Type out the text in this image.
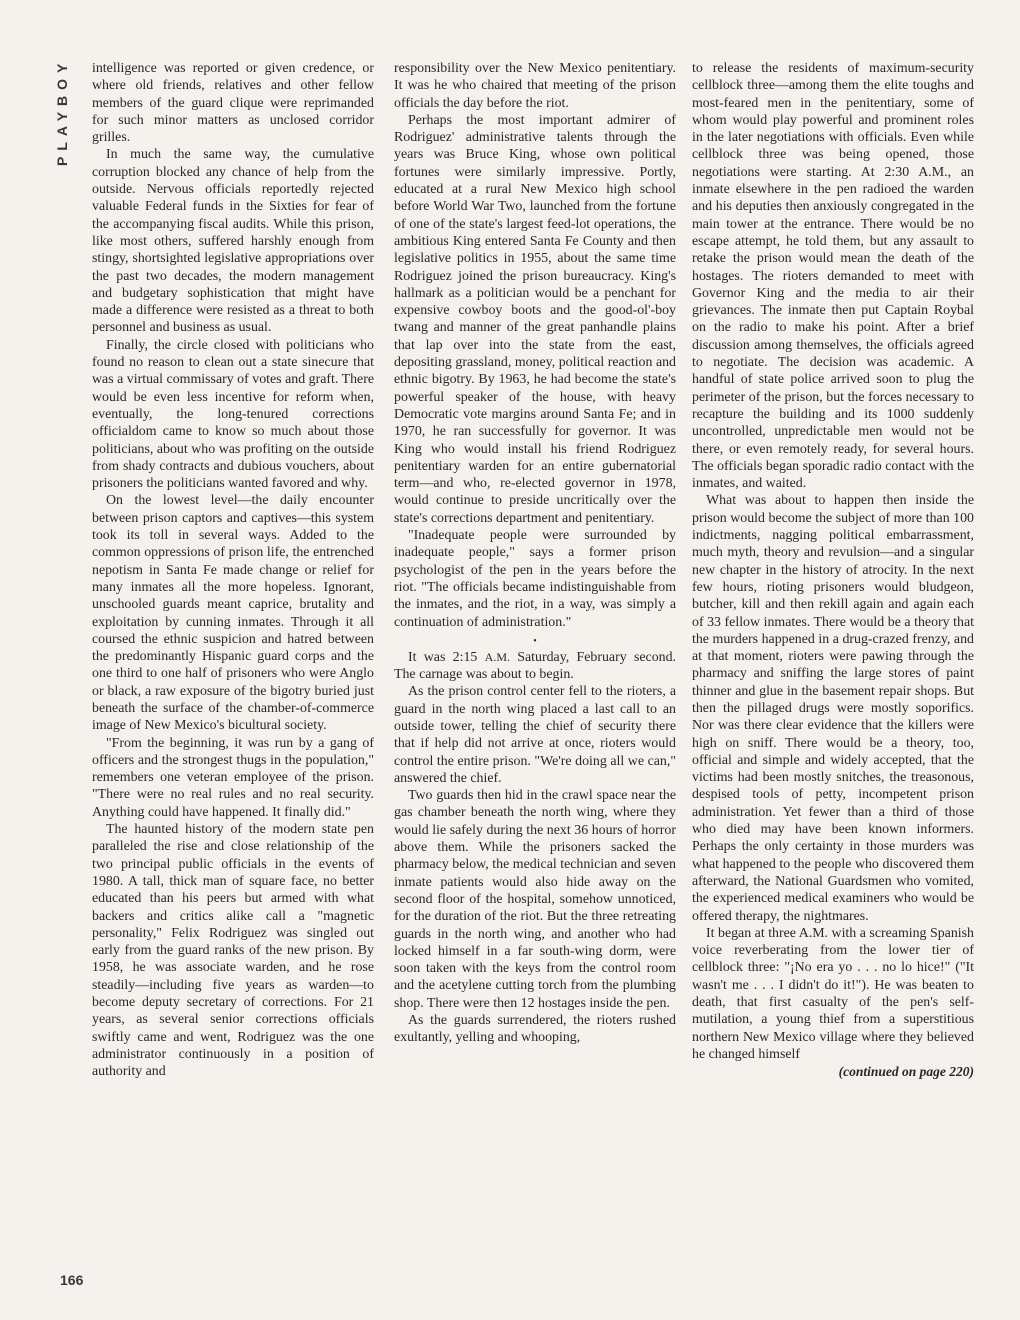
PLAYBOY
166

intelligence was reported or given credence, or where old friends, relatives and other fellow members of the guard clique were reprimanded for such minor matters as unclosed corridor grilles.

In much the same way, the cumulative corruption blocked any chance of help from the outside. Nervous officials reportedly rejected valuable Federal funds in the Sixties for fear of the accompanying fiscal audits. While this prison, like most others, suffered harshly enough from stingy, shortsighted legislative appropriations over the past two decades, the modern management and budgetary sophistication that might have made a difference were resisted as a threat to both personnel and business as usual.

Finally, the circle closed with politicians who found no reason to clean out a state sinecure that was a virtual commissary of votes and graft. There would be even less incentive for reform when, eventually, the long-tenured corrections officialdom came to know so much about those politicians, about who was profiting on the outside from shady contracts and dubious vouchers, about prisoners the politicians wanted favored and why.

On the lowest level—the daily encounter between prison captors and captives—this system took its toll in several ways. Added to the common oppressions of prison life, the entrenched nepotism in Santa Fe made change or relief for many inmates all the more hopeless. Ignorant, unschooled guards meant caprice, brutality and exploitation by cunning inmates. Through it all coursed the ethnic suspicion and hatred between the predominantly Hispanic guard corps and the one third to one half of prisoners who were Anglo or black, a raw exposure of the bigotry buried just beneath the surface of the chamber-of-commerce image of New Mexico's bicultural society.

"From the beginning, it was run by a gang of officers and the strongest thugs in the population," remembers one veteran employee of the prison. "There were no real rules and no real security. Anything could have happened. It finally did."

The haunted history of the modern state pen paralleled the rise and close relationship of the two principal public officials in the events of 1980. A tall, thick man of square face, no better educated than his peers but armed with what backers and critics alike call a "magnetic personality," Felix Rodriguez was singled out early from the guard ranks of the new prison. By 1958, he was associate warden, and he rose steadily—including five years as warden—to become deputy secretary of corrections. For 21 years, as several senior corrections officials swiftly came and went, Rodriguez was the one administrator continuously in a position of authority and

responsibility over the New Mexico penitentiary. It was he who chaired that meeting of the prison officials the day before the riot.

Perhaps the most important admirer of Rodriguez' administrative talents through the years was Bruce King, whose own political fortunes were similarly impressive. Portly, educated at a rural New Mexico high school before World War Two, launched from the fortune of one of the state's largest feed-lot operations, the ambitious King entered Santa Fe County and then legislative politics in 1955, about the same time Rodriguez joined the prison bureaucracy. King's hallmark as a politician would be a penchant for expensive cowboy boots and the good-ol'-boy twang and manner of the great panhandle plains that lap over into the state from the east, depositing grassland, money, political reaction and ethnic bigotry. By 1963, he had become the state's powerful speaker of the house, with heavy Democratic vote margins around Santa Fe; and in 1970, he ran successfully for governor. It was King who would install his friend Rodriguez penitentiary warden for an entire gubernatorial term—and who, re-elected governor in 1978, would continue to preside uncritically over the state's corrections department and penitentiary.

"Inadequate people were surrounded by inadequate people," says a former prison psychologist of the pen in the years before the riot. "The officials became indistinguishable from the inmates, and the riot, in a way, was simply a continuation of administration."

•

It was 2:15 A.M. Saturday, February second. The carnage was about to begin.

As the prison control center fell to the rioters, a guard in the north wing placed a last call to an outside tower, telling the chief of security there that if help did not arrive at once, rioters would control the entire prison. "We're doing all we can," answered the chief.

Two guards then hid in the crawl space near the gas chamber beneath the north wing, where they would lie safely during the next 36 hours of horror above them. While the prisoners sacked the pharmacy below, the medical technician and seven inmate patients would also hide away on the second floor of the hospital, somehow unnoticed, for the duration of the riot. But the three retreating guards in the north wing, and another who had locked himself in a far south-wing dorm, were soon taken with the keys from the control room and the acetylene cutting torch from the plumbing shop. There were then 12 hostages inside the pen.

As the guards surrendered, the rioters rushed exultantly, yelling and whooping,

to release the residents of maximum-security cellblock three—among them the elite toughs and most-feared men in the penitentiary, some of whom would play powerful and prominent roles in the later negotiations with officials. Even while cellblock three was being opened, those negotiations were starting. At 2:30 A.M., an inmate elsewhere in the pen radioed the warden and his deputies then anxiously congregated in the main tower at the entrance. There would be no escape attempt, he told them, but any assault to retake the prison would mean the death of the hostages. The rioters demanded to meet with Governor King and the media to air their grievances. The inmate then put Captain Roybal on the radio to make his point. After a brief discussion among themselves, the officials agreed to negotiate. The decision was academic. A handful of state police arrived soon to plug the perimeter of the prison, but the forces necessary to recapture the building and its 1000 suddenly uncontrolled, unpredictable men would not be there, or even remotely ready, for several hours. The officials began sporadic radio contact with the inmates, and waited.

What was about to happen then inside the prison would become the subject of more than 100 indictments, nagging political embarrassment, much myth, theory and revulsion—and a singular new chapter in the history of atrocity. In the next few hours, rioting prisoners would bludgeon, butcher, kill and then rekill again and again each of 33 fellow inmates. There would be a theory that the murders happened in a drug-crazed frenzy, and at that moment, rioters were pawing through the pharmacy and sniffing the large stores of paint thinner and glue in the basement repair shops. But then the pillaged drugs were mostly soporifics. Nor was there clear evidence that the killers were high on sniff. There would be a theory, too, official and simple and widely accepted, that the victims had been mostly snitches, the treasonous, despised tools of petty, incompetent prison administration. Yet fewer than a third of those who died may have been known informers. Perhaps the only certainty in those murders was what happened to the people who discovered them afterward, the National Guardsmen who vomited, the experienced medical examiners who would be offered therapy, the nightmares.

It began at three A.M. with a screaming Spanish voice reverberating from the lower tier of cellblock three: "¡No era yo . . . no lo hice!" ("It wasn't me . . . I didn't do it!"). He was beaten to death, that first casualty of the pen's self-mutilation, a young thief from a superstitious northern New Mexico village where they believed he changed himself

(continued on page 220)
